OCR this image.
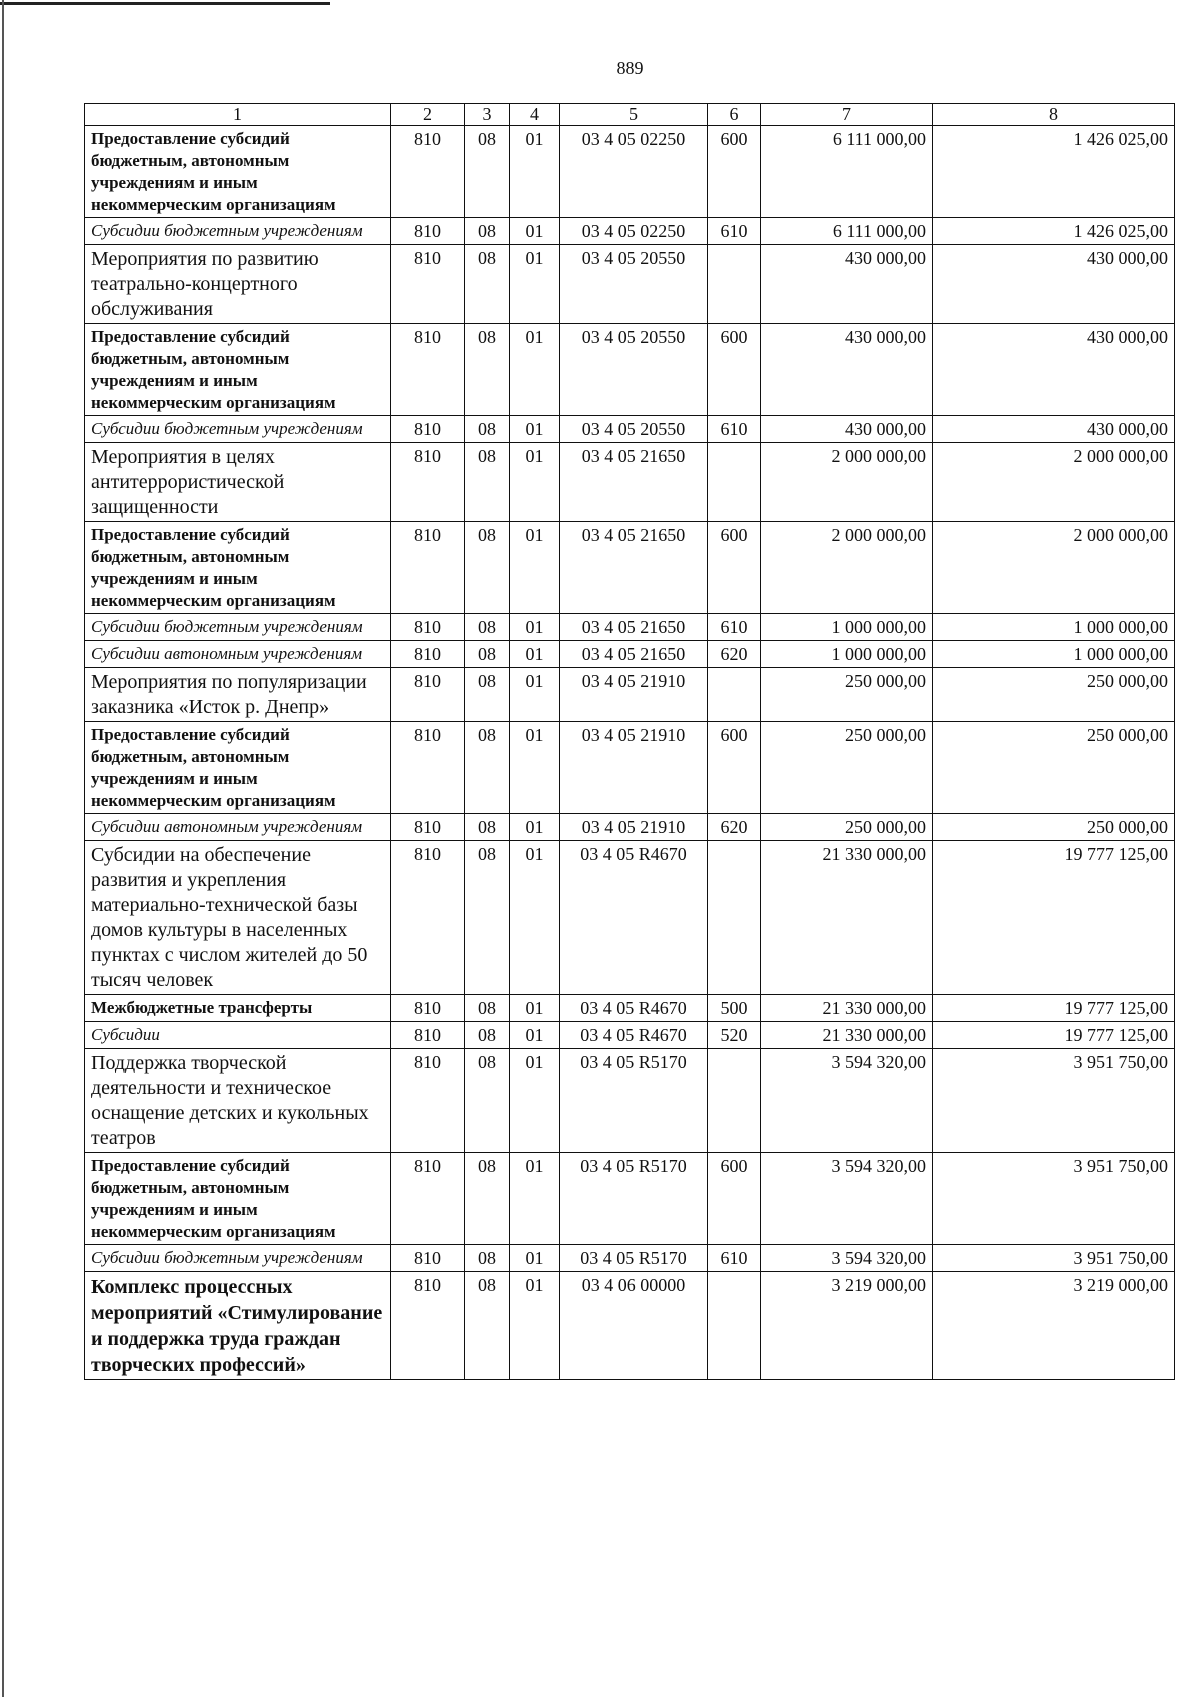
889
1	2	3	4	5	6	7	8
Предоставление субсидий бюджетным, автономным учреждениям и иным некоммерческим организациям	810	08	01	03 4 05 02250	600	6 111 000,00	1 426 025,00
Субсидии бюджетным учреждениям	810	08	01	03 4 05 02250	610	6 111 000,00	1 426 025,00
Мероприятия по развитию театрально-концертного обслуживания	810	08	01	03 4 05 20550		430 000,00	430 000,00
Предоставление субсидий бюджетным, автономным учреждениям и иным некоммерческим организациям	810	08	01	03 4 05 20550	600	430 000,00	430 000,00
Субсидии бюджетным учреждениям	810	08	01	03 4 05 20550	610	430 000,00	430 000,00
Мероприятия в целях антитеррористической защищенности	810	08	01	03 4 05 21650		2 000 000,00	2 000 000,00
Предоставление субсидий бюджетным, автономным учреждениям и иным некоммерческим организациям	810	08	01	03 4 05 21650	600	2 000 000,00	2 000 000,00
Субсидии бюджетным учреждениям	810	08	01	03 4 05 21650	610	1 000 000,00	1 000 000,00
Субсидии автономным учреждениям	810	08	01	03 4 05 21650	620	1 000 000,00	1 000 000,00
Мероприятия по популяризации заказника «Исток р. Днепр»	810	08	01	03 4 05 21910		250 000,00	250 000,00
Предоставление субсидий бюджетным, автономным учреждениям и иным некоммерческим организациям	810	08	01	03 4 05 21910	600	250 000,00	250 000,00
Субсидии автономным учреждениям	810	08	01	03 4 05 21910	620	250 000,00	250 000,00
Субсидии на обеспечение развития и укрепления материально-технической базы домов культуры в населенных пунктах с числом жителей до 50 тысяч человек	810	08	01	03 4 05 R4670		21 330 000,00	19 777 125,00
Межбюджетные трансферты	810	08	01	03 4 05 R4670	500	21 330 000,00	19 777 125,00
Субсидии	810	08	01	03 4 05 R4670	520	21 330 000,00	19 777 125,00
Поддержка творческой деятельности и техническое оснащение детских и кукольных театров	810	08	01	03 4 05 R5170		3 594 320,00	3 951 750,00
Предоставление субсидий бюджетным, автономным учреждениям и иным некоммерческим организациям	810	08	01	03 4 05 R5170	600	3 594 320,00	3 951 750,00
Субсидии бюджетным учреждениям	810	08	01	03 4 05 R5170	610	3 594 320,00	3 951 750,00
Комплекс процессных мероприятий «Стимулирование и поддержка труда граждан творческих профессий»	810	08	01	03 4 06 00000		3 219 000,00	3 219 000,00
